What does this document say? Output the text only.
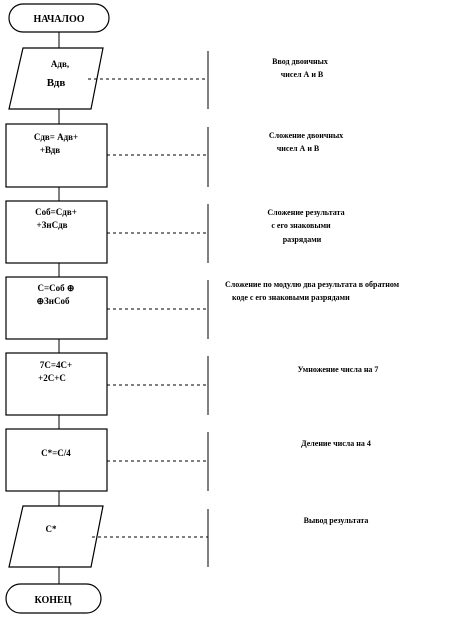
НАЧАЛОО
Адв,
Вдв
Ввод двоичных
чисел А и В
Cдв= Адв+
+Вдв
Сложение двоичных
чисел А и В
Cоб=Cдв+
+ЗнCдв
Сложение результата
с его знаковыми
разрядами
C=Cоб ⊕
⊕ЗнCоб
Сложение по модулю два результата в обратном
коде с его знаковыми разрядами
7C=4C+
+2C+C
Умножение числа на 7
C*=C/4
Деление числа на 4
C*
Вывод результата
КОНЕЦ
